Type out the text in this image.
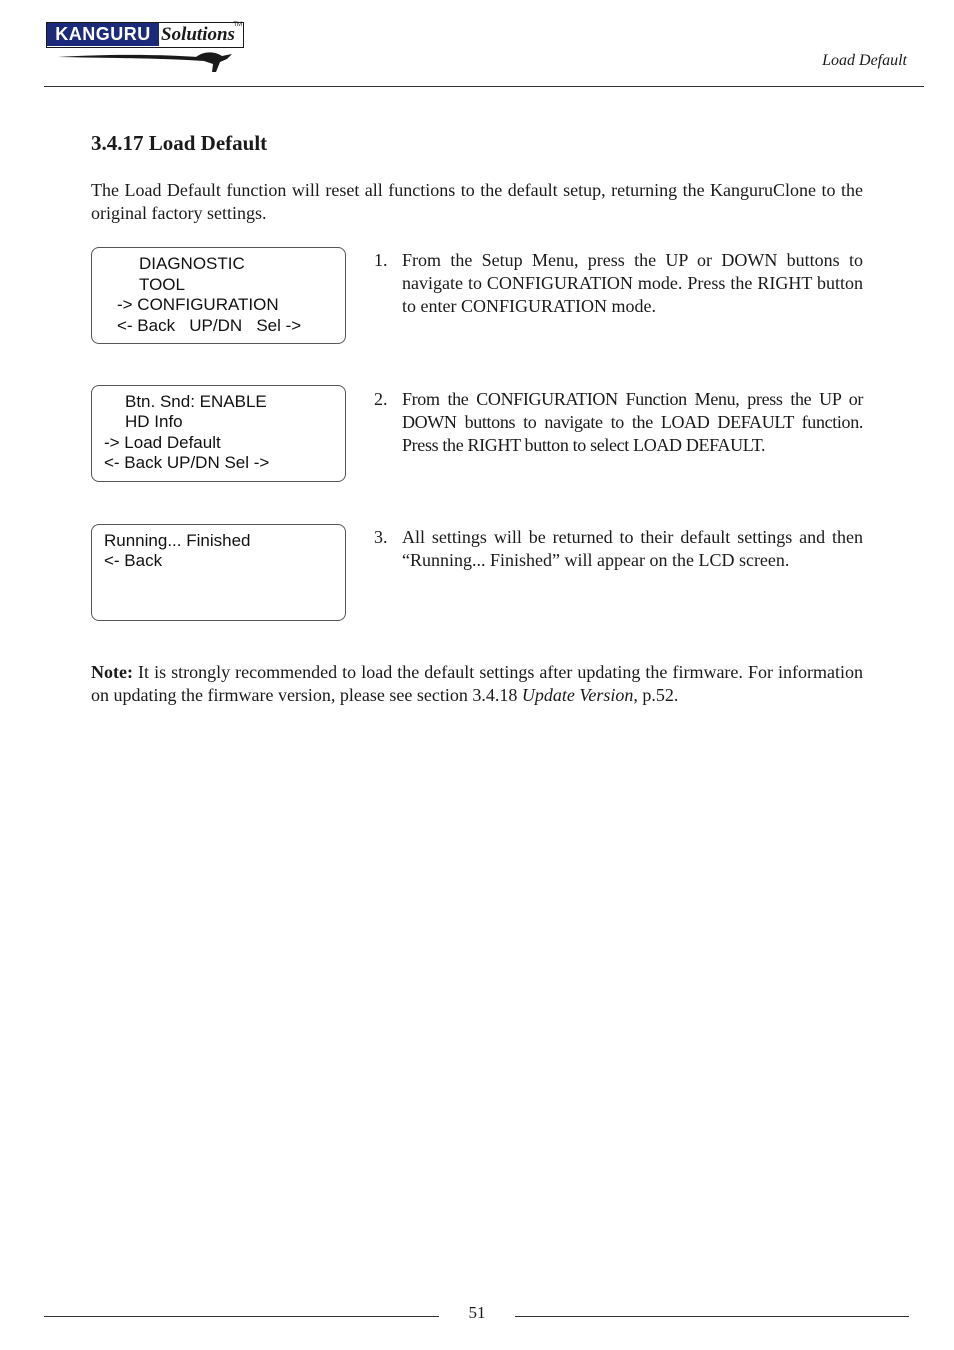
KANGURU Solutions
TM
Load Default
3.4.17 Load Default
The Load Default function will reset all functions to the default setup, returning the KanguruClone to the original factory settings.
DIAGNOSTIC
TOOL
-> CONFIGURATION
<- Back   UP/DN   Sel ->
1. From the Setup Menu, press the UP or DOWN buttons to navigate to CONFIGURATION mode. Press the RIGHT button to enter CONFIGURATION mode.
Btn. Snd: ENABLE
HD Info
-> Load Default
<- Back UP/DN Sel ->
2. From the CONFIGURATION Function Menu, press the UP or DOWN buttons to navigate to the LOAD DEFAULT function. Press the RIGHT button to select LOAD DEFAULT.
Running... Finished
<- Back
3. All settings will be returned to their default settings and then “Running... Finished” will appear on the LCD screen.
Note: It is strongly recommended to load the default settings after updating the firmware. For information on updating the firmware version, please see section 3.4.18 Update Version, p.52.
51
